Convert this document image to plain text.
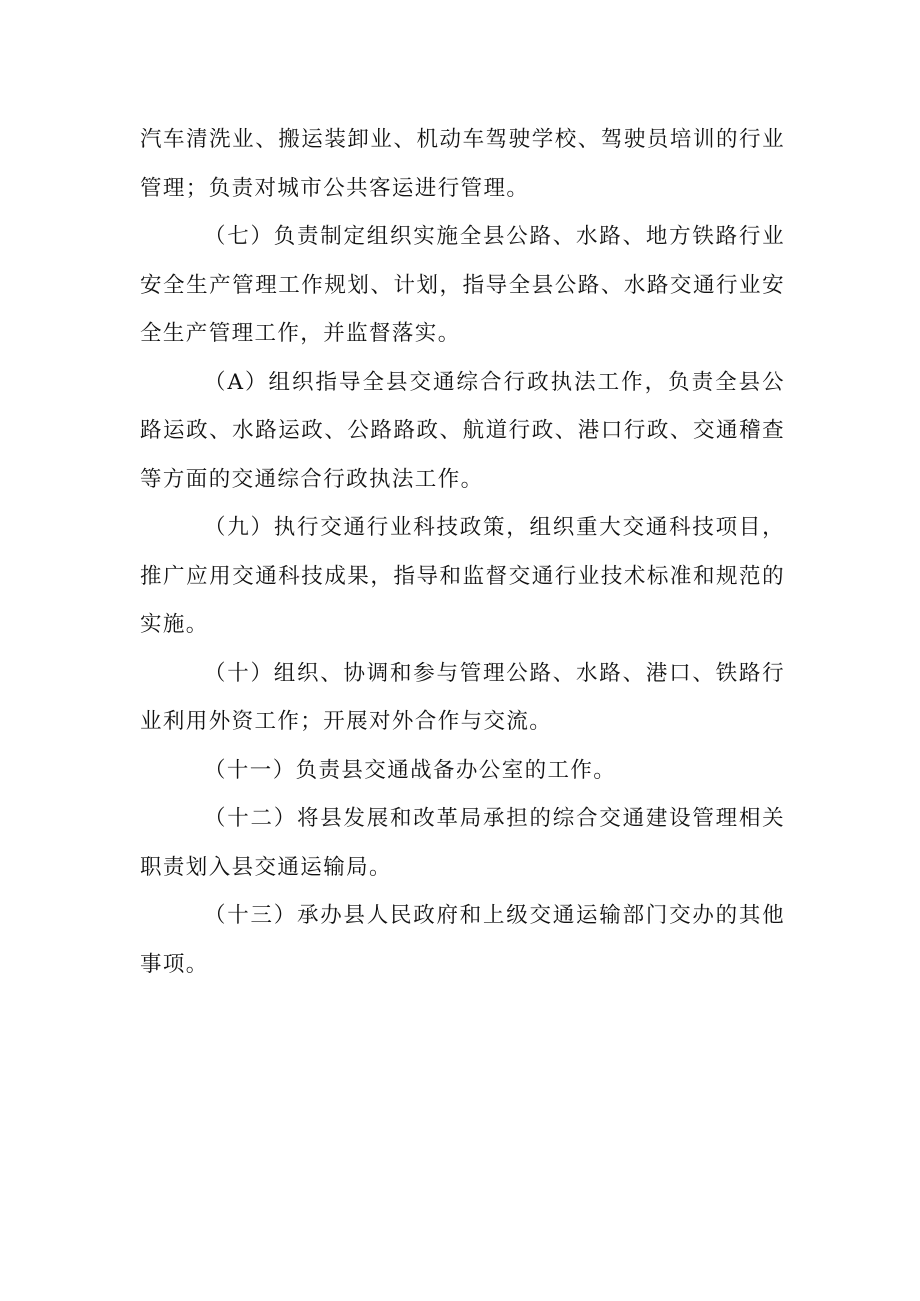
汽车清洗业、搬运装卸业、机动车驾驶学校、驾驶员培训的行业管理；负责对城市公共客运进行管理。

（七）负责制定组织实施全县公路、水路、地方铁路行业安全生产管理工作规划、计划，指导全县公路、水路交通行业安全生产管理工作，并监督落实。

（A）组织指导全县交通综合行政执法工作，负责全县公路运政、水路运政、公路路政、航道行政、港口行政、交通稽查等方面的交通综合行政执法工作。

（九）执行交通行业科技政策，组织重大交通科技项目，推广应用交通科技成果，指导和监督交通行业技术标准和规范的实施。

（十）组织、协调和参与管理公路、水路、港口、铁路行业利用外资工作；开展对外合作与交流。

（十一）负责县交通战备办公室的工作。

（十二）将县发展和改革局承担的综合交通建设管理相关职责划入县交通运输局。

（十三）承办县人民政府和上级交通运输部门交办的其他事项。
